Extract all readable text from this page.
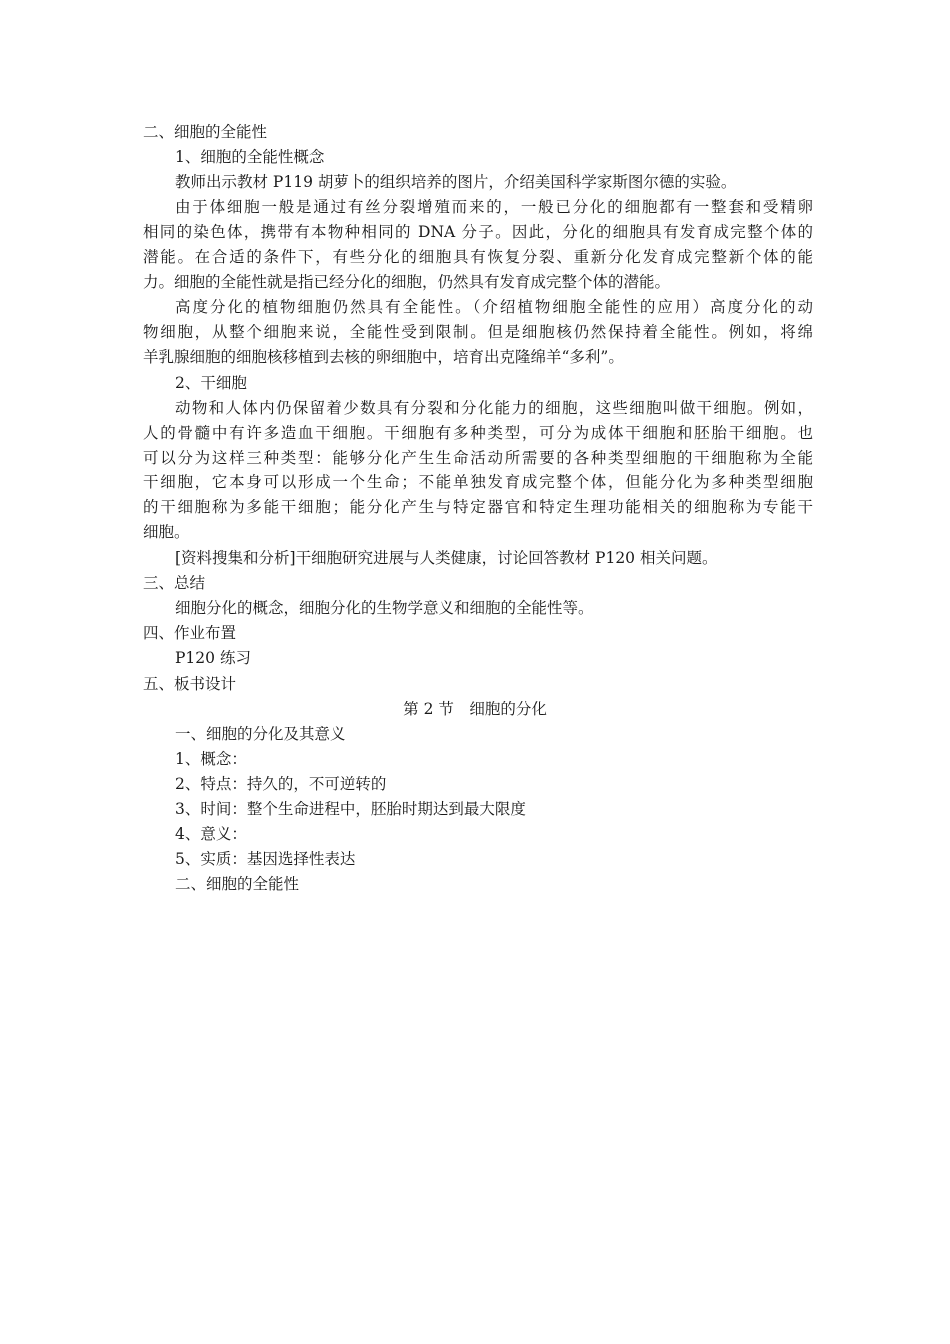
二、细胞的全能性
1、细胞的全能性概念
教师出示教材 P119 胡萝卜的组织培养的图片，介绍美国科学家斯图尔德的实验。
由于体细胞一般是通过有丝分裂增殖而来的，一般已分化的细胞都有一整套和受精卵
相同的染色体，携带有本物种相同的 DNA 分子。因此，分化的细胞具有发育成完整个体的
潜能。在合适的条件下，有些分化的细胞具有恢复分裂、重新分化发育成完整新个体的能
力。细胞的全能性就是指已经分化的细胞，仍然具有发育成完整个体的潜能。
高度分化的植物细胞仍然具有全能性。（介绍植物细胞全能性的应用）高度分化的动
物细胞，从整个细胞来说，全能性受到限制。但是细胞核仍然保持着全能性。例如，将绵
羊乳腺细胞的细胞核移植到去核的卵细胞中，培育出克隆绵羊“多利”。
2、干细胞
动物和人体内仍保留着少数具有分裂和分化能力的细胞，这些细胞叫做干细胞。例如，
人的骨髓中有许多造血干细胞。干细胞有多种类型，可分为成体干细胞和胚胎干细胞。也
可以分为这样三种类型：能够分化产生生命活动所需要的各种类型细胞的干细胞称为全能
干细胞，它本身可以形成一个生命；不能单独发育成完整个体，但能分化为多种类型细胞
的干细胞称为多能干细胞；能分化产生与特定器官和特定生理功能相关的细胞称为专能干
细胞。
[资料搜集和分析]干细胞研究进展与人类健康，讨论回答教材 P120 相关问题。
三、总结
细胞分化的概念，细胞分化的生物学意义和细胞的全能性等。
四、作业布置
P120 练习
五、板书设计
第 2 节　细胞的分化
一、细胞的分化及其意义
1、概念：
2、特点：持久的，不可逆转的
3、时间：整个生命进程中，胚胎时期达到最大限度
4、意义：
5、实质：基因选择性表达
二、细胞的全能性
